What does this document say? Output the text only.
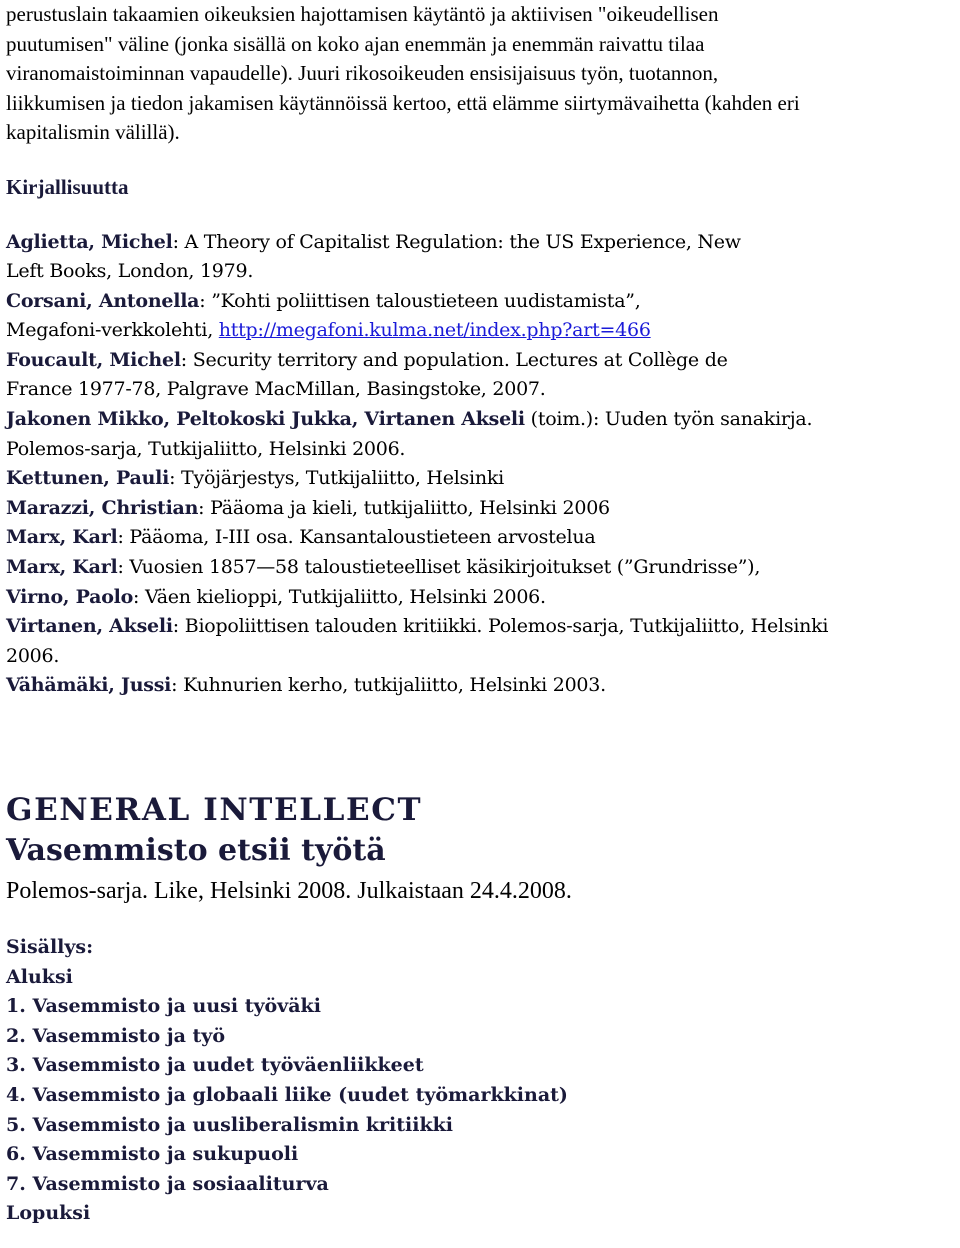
perustuslain takaamien oikeuksien hajottamisen käytäntö ja aktiivisen "oikeudellisen
puutumisen" väline (jonka sisällä on koko ajan enemmän ja enemmän raivattu tilaa
viranomaistoiminnan vapaudelle). Juuri rikosoikeuden ensisijaisuus työn, tuotannon,
liikkumisen ja tiedon jakamisen käytännöissä kertoo, että elämme siirtymävaihetta (kahden eri
kapitalismin välillä).
Kirjallisuutta
Aglietta, Michel: A Theory of Capitalist Regulation: the US Experience, New
Left Books, London, 1979.
Corsani, Antonella: ”Kohti poliittisen taloustieteen uudistamista”,
Megafoni-verkkolehti, http://megafoni.kulma.net/index.php?art=466
Foucault, Michel: Security territory and population. Lectures at Collège de
France 1977-78, Palgrave MacMillan, Basingstoke, 2007.
Jakonen Mikko, Peltokoski Jukka, Virtanen Akseli (toim.): Uuden työn sanakirja.
Polemos-sarja, Tutkijaliitto, Helsinki 2006.
Kettunen, Pauli: Työjärjestys, Tutkijaliitto, Helsinki
Marazzi, Christian: Pääoma ja kieli, tutkijaliitto, Helsinki 2006
Marx, Karl: Pääoma, I-III osa. Kansantaloustieteen arvostelua
Marx, Karl: Vuosien 1857—58 taloustieteelliset käsikirjoitukset (”Grundrisse”),
Virno, Paolo: Väen kielioppi, Tutkijaliitto, Helsinki 2006.
Virtanen, Akseli: Biopoliittisen talouden kritiikki. Polemos-sarja, Tutkijaliitto, Helsinki
2006.
Vähämäki, Jussi: Kuhnurien kerho, tutkijaliitto, Helsinki 2003.
GENERAL INTELLECT
Vasemmisto etsii työtä
Polemos-sarja. Like, Helsinki 2008. Julkaistaan 24.4.2008.
Sisällys:
Aluksi
1. Vasemmisto ja uusi työväki
2. Vasemmisto ja työ
3. Vasemmisto ja uudet työväenliikkeet
4. Vasemmisto ja globaali liike (uudet työmarkkinat)
5. Vasemmisto ja uusliberalismin kritiikki
6. Vasemmisto ja sukupuoli
7. Vasemmisto ja sosiaaliturva
Lopuksi
